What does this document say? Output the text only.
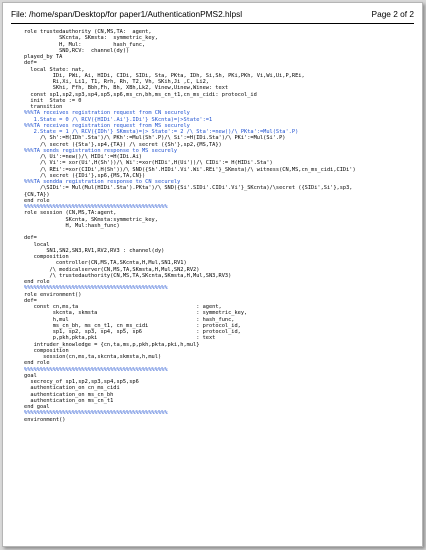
File: /home/span/Desktop/for paper1/AuthenticationPMS2.hlpsl	Page 2 of 2
role trustedauthority (CN,MS,TA:  agent,
SKcnta, SKmsta:  symmetric_key,
H, Mul:          hash_func,
SND,RCV:  channel(dy))
played_by TA
def=
local State: nat,
IDi, PWi, Ai, HIDi, CIDi, SIDi, Sta, PKta, IDh, Si,Sh, PKi,PKh, Vi,Wi,Ui,P,REi,
Ri,Xi, Li1, T1, Rrh, Rh, T2, Vh, SKih,Ji ,C, Li2,
SKhi, Ffh, Bbh,Fh, Bh, XBh,Lk2, Vinew,Uinew,Winew: text
const sp1,sp2,sp3,sp4,sp5,sp6,ms_cn,bh,ms_cn_t1,cn_ms_cidi: protocol_id
init  State := 0
transition
%%%TA receives registration request from CN securely
1.State = 0 /\ RCV({HIDi'.Ai'}.IDi'} SKcnta)=|>State':=1
%%%TA receives registration request from MS securely
2.State = 1 /\ RCV({IDh'} SKmsta)=|> State':= 2 /\ Sta':=new()/\ PKta':=Mul(Sta'.P)
/\ Sh':=H(IDh'.Sta')/\ PKh':=Mul(Sh'.P)/\ Si':=H(IDi.Sta')/\ PKi':=Mul(Si'.P)
/\ secret ({Sta'},sp4,{TA}) /\ secret ({Sh'},sp2,{MS,TA})
%%%TA sends registration response to MS securely
/\ Ui':=new()/\ HIDi':=H(IDi.Ai)
/\ Vi':= xor(Ui',H(Sh'))/\ Wi':=xor(HIDi',H(Ui'))/\ CIDi':= H(HIDi'.Sta')
/\ REi':=xor(CIDi',H(Sh'))/\ SND({Sh'.HIDi'.Vi'.Wi'.REi'}_SKmsta)/\ witness(CN,MS,cn_ms_cidi,CIDi')
/\ secret ({IDi'},sp6,{MS,TA,CN})
%%%TA sendda registration response to CN securely
/\SIDi':= Mul(Mul(HIDi'.Sta').PKta')/\ SND({Si'.SIDi'.CIDi'.Vi'}_SKcnta)/\secret ({SIDi',Si'},sp3,
{CN,TA})
end role
%%%%%%%%%%%%%%%%%%%%%%%%%%%%%%%%%%%%%%%%%%%%%
role session (CN,MS,TA:agent,
SKcnta, SKmsta:symmetric_key,
H, Mul:hash_func)
def=
local
SN1,SN2,SN3,RV1,RV2,RV3 : channel(dy)
composition
controller(CN,MS,TA,SKcnta,H,Mul,SN1,RV1)
/\ medicalserver(CN,MS,TA,SKmsta,H,Mul,SN2,RV2)
/\ trustedauthority(CN,MS,TA,SKcnta,SKmsta,H,Mul,SN3,RV3)
end role
%%%%%%%%%%%%%%%%%%%%%%%%%%%%%%%%%%%%%%%%%%%%%
role environment()
def=
const cn,ms,ta                                     : agent,
skcnta, skmsta                               : symmetric_key,
h,mul                                        : hash_func,
ms_cn_bh, ms_cn_t1, cn_ms_cidi               : protocol_id,
sp1, sp2, sp3, sp4, sp5, sp6                 : protocol_id,
p,pkh,pkta,pki                               : text
intruder_knowledge = {cn,ta,ms,p,pkh,pkta,pki,h,mul}
composition
session(cn,ms,ta,skcnta,skmsta,h,mul)
end role
%%%%%%%%%%%%%%%%%%%%%%%%%%%%%%%%%%%%%%%%%%%%%
goal
secrecy_of sp1,sp2,sp3,sp4,sp5,sp6
authentication_on cn_ms_cidi
authentication_on ms_cn_bh
authentication_on ms_cn_t1
end goal
%%%%%%%%%%%%%%%%%%%%%%%%%%%%%%%%%%%%%%%%%%%%%
environment()
